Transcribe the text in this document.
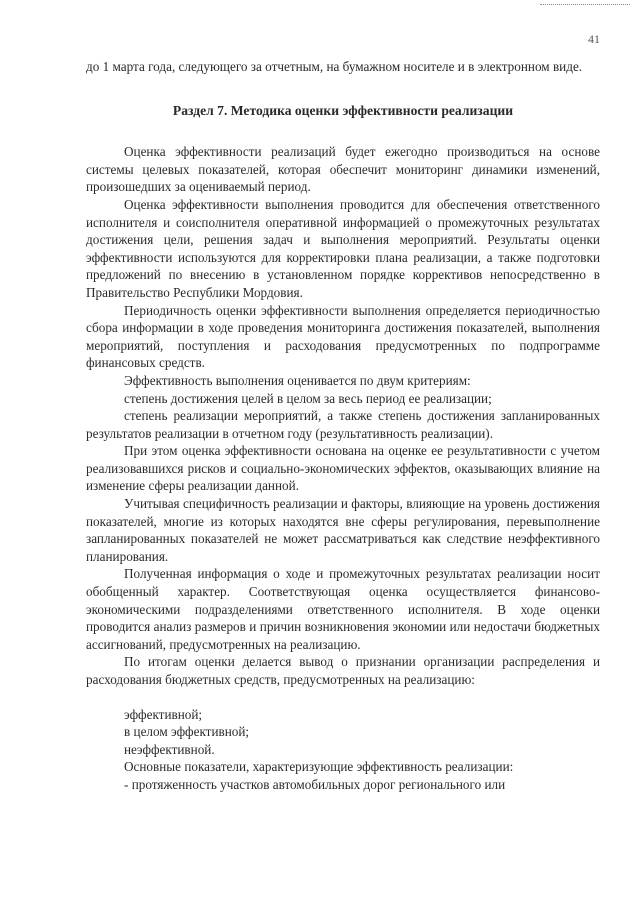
41

до 1 марта года, следующего за отчетным, на бумажном носителе и в электронном виде.

Раздел 7. Методика оценки эффективности реализации

Оценка эффективности реализаций будет ежегодно производиться на основе системы целевых показателей, которая обеспечит мониторинг динамики изменений, произошедших за оцениваемый период.

Оценка эффективности выполнения проводится для обеспечения ответственного исполнителя и соисполнителя оперативной информацией о промежуточных результатах достижения цели, решения задач и выполнения мероприятий. Результаты оценки эффективности используются для корректировки плана реализации, а также подготовки предложений по внесению в установленном порядке коррективов непосредственно в Правительство Республики Мордовия.

Периодичность оценки эффективности выполнения определяется периодичностью сбора информации в ходе проведения мониторинга достижения показателей, выполнения мероприятий, поступления и расходования предусмотренных по подпрограмме финансовых средств.

Эффективность выполнения оценивается по двум критериям:

степень достижения целей в целом за весь период ее реализации;

степень реализации мероприятий, а также степень достижения запланированных результатов реализации в отчетном году (результативность реализации).

При этом оценка эффективности основана на оценке ее результативности с учетом реализовавшихся рисков и социально-экономических эффектов, оказывающих влияние на изменение сферы реализации данной.

Учитывая специфичность реализации и факторы, влияющие на уровень достижения показателей, многие из которых находятся вне сферы регулирования, перевыполнение запланированных показателей не может рассматриваться как следствие неэффективного планирования.

Полученная информация о ходе и промежуточных результатах реализации носит обобщенный характер. Соответствующая оценка осуществляется финансово-экономическими подразделениями ответственного исполнителя. В ходе оценки проводится анализ размеров и причин возникновения экономии или недостачи бюджетных ассигнований, предусмотренных на реализацию.

По итогам оценки делается вывод о признании организации распределения и расходования бюджетных средств, предусмотренных на реализацию:

эффективной;

в целом эффективной;

неэффективной.

Основные показатели, характеризующие эффективность реализации:

- протяженность участков автомобильных дорог регионального или
